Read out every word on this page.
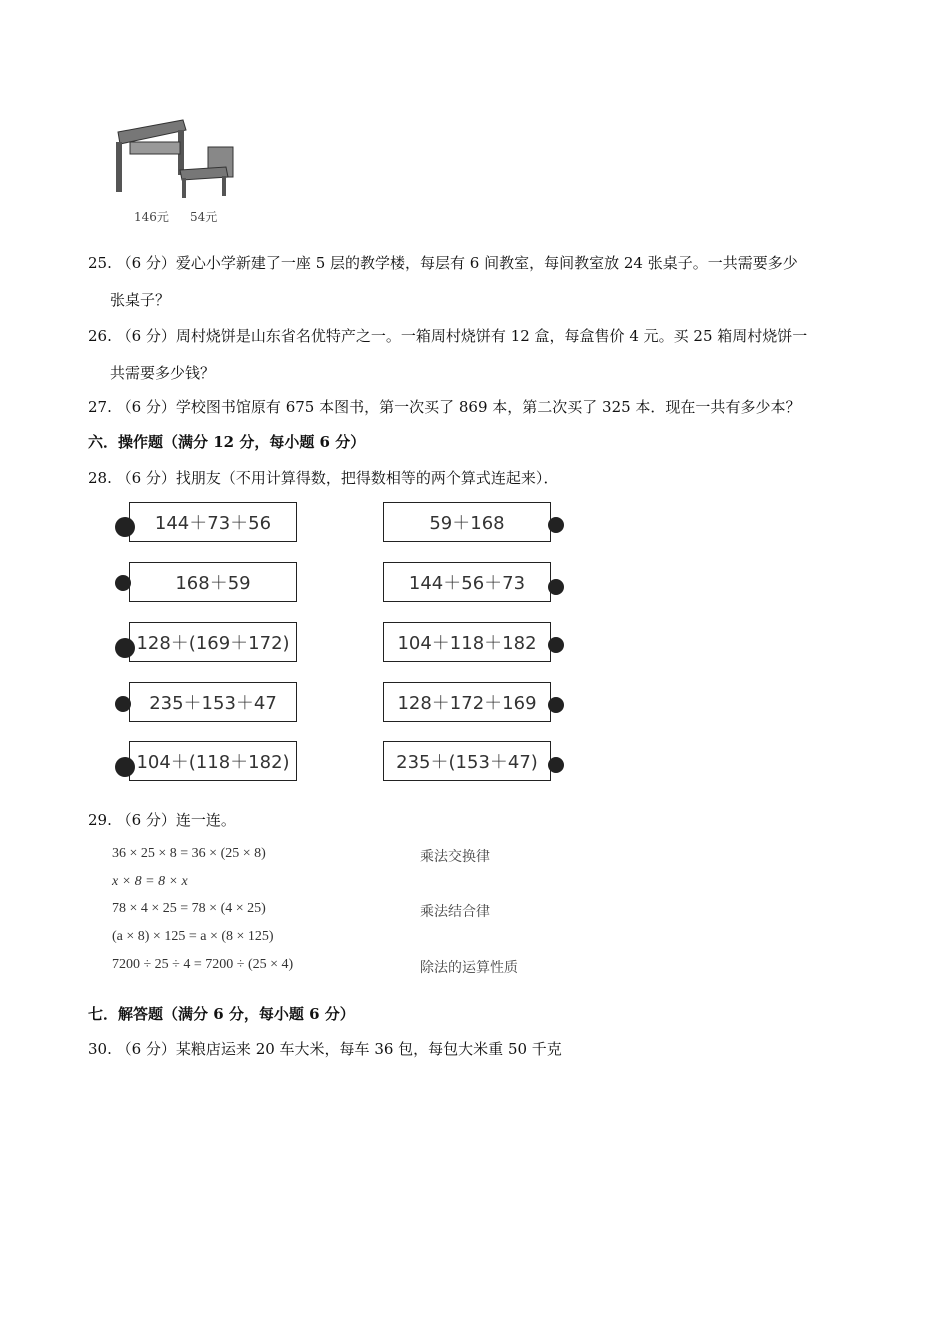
146元 54元
25. （6 分）爱心小学新建了一座 5 层的教学楼，每层有 6 间教室，每间教室放 24 张桌子。一共需要多少
张桌子？
26. （6 分）周村烧饼是山东省名优特产之一。一箱周村烧饼有 12 盒，每盒售价 4 元。买 25 箱周村烧饼一
共需要多少钱？
27. （6 分）学校图书馆原有 675 本图书，第一次买了 869 本，第二次买了 325 本．现在一共有多少本？
六．操作题（满分 12 分，每小题 6 分）
28. （6 分）找朋友（不用计算得数，把得数相等的两个算式连起来）．
144＋73＋56
168＋59
128＋(169＋172)
235＋153＋47
104＋(118＋182)
59＋168
144＋56＋73
104＋118＋182
128＋172＋169
235＋(153＋47)
29. （6 分）连一连。
36 × 25 × 8 = 36 × (25 × 8)
x × 8 = 8 × x
78 × 4 × 25 = 78 × (4 × 25)
(a × 8) × 125 = a × (8 × 125)
7200 ÷ 25 ÷ 4 = 7200 ÷ (25 × 4)
乘法交换律
乘法结合律
除法的运算性质
七．解答题（满分 6 分，每小题 6 分）
30. （6 分）某粮店运来 20 车大米，每车 36 包，每包大米重 50 千克
